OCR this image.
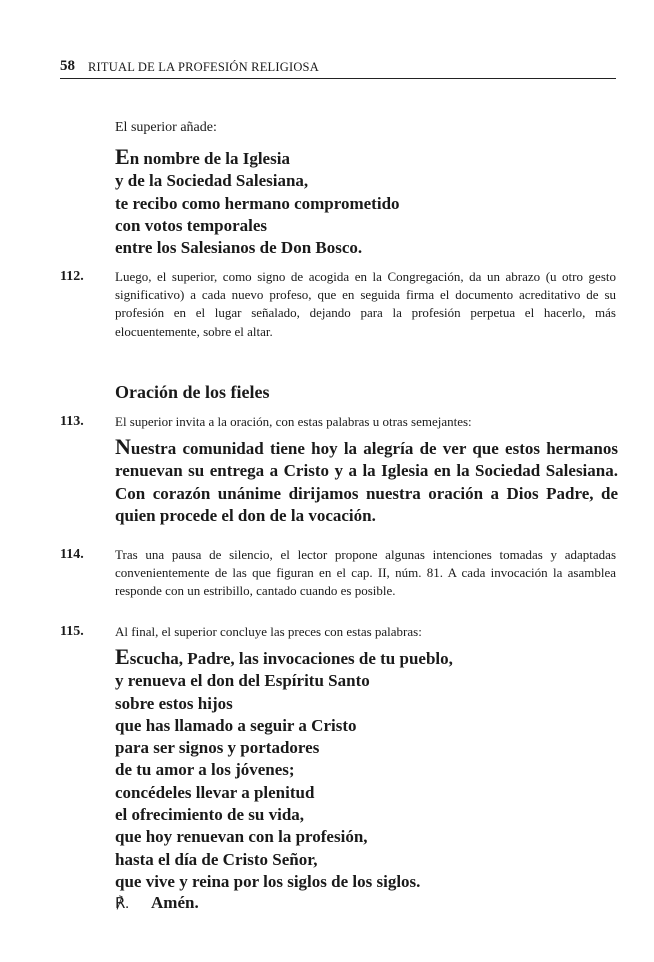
58 RITUAL DE LA PROFESIÓN RELIGIOSA
El superior añade:
En nombre de la Iglesia
y de la Sociedad Salesiana,
te recibo como hermano comprometido
con votos temporales
entre los Salesianos de Don Bosco.
112. Luego, el superior, como signo de acogida en la Congregación, da un abrazo (u otro gesto significativo) a cada nuevo profeso, que en seguida firma el documento acreditativo de su profesión en el lugar señalado, dejando para la profesión perpetua el hacerlo, más elocuentemente, sobre el altar.
Oración de los fieles
113. El superior invita a la oración, con estas palabras u otras semejantes:
Nuestra comunidad tiene hoy la alegría de ver que estos hermanos renuevan su entrega a Cristo y a la Iglesia en la Sociedad Salesiana. Con corazón unánime dirijamos nuestra oración a Dios Padre, de quien procede el don de la vocación.
114. Tras una pausa de silencio, el lector propone algunas intenciones tomadas y adaptadas convenientemente de las que figuran en el cap. II, núm. 81. A cada invocación la asamblea responde con un estribillo, cantado cuando es posible.
115. Al final, el superior concluye las preces con estas palabras:
Escucha, Padre, las invocaciones de tu pueblo,
y renueva el don del Espíritu Santo
sobre estos hijos
que has llamado a seguir a Cristo
para ser signos y portadores
de tu amor a los jóvenes;
concédeles llevar a plenitud
el ofrecimiento de su vida,
que hoy renuevan con la profesión,
hasta el día de Cristo Señor,
que vive y reina por los siglos de los siglos.
℟. Amén.
